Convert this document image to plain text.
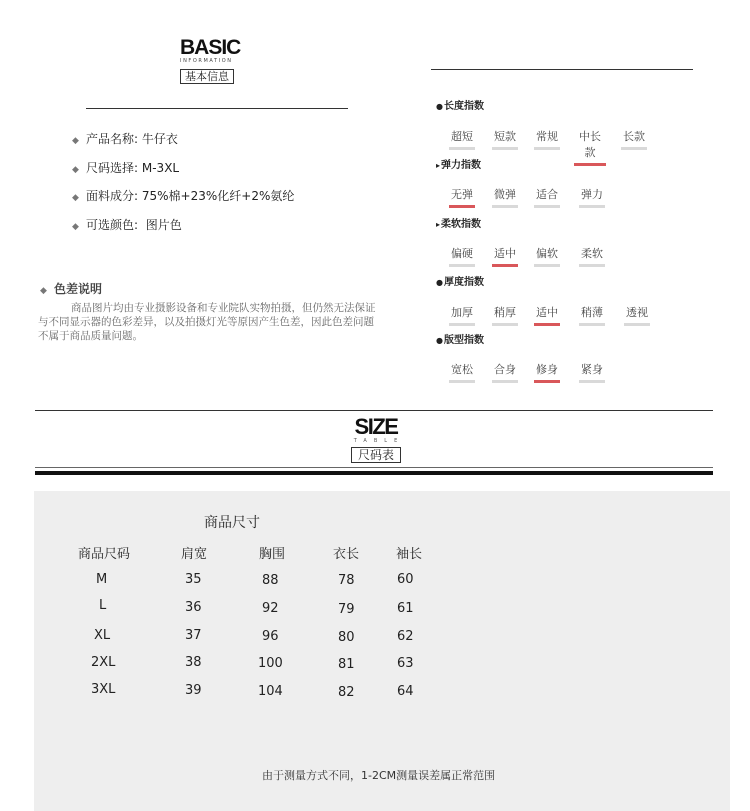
BASIC
INFORMATION
基本信息
◆ 产品名称: 牛仔衣
◆ 尺码选择: M-3XL
◆ 面料成分: 75%棉+23%化纤+2%氨纶
◆ 可选颜色: 图片色
◆ 色差说明
商品图片均由专业摄影设备和专业院队实物拍摄，但仍然无法保证
与不同显示器的色彩差异，以及拍摄灯光等原因产生色差，因此色差问题
不属于商品质量问题。
●长度指数
超短 短款 常规	中长款
长款
▸弹力指数
无弹 微弹 适合 弹力
▸柔软指数
偏硬 适中 偏软 柔软
●厚度指数
加厚 稍厚 适中 稍薄 透视
●版型指数
宽松 合身 修身 紧身
SIZE
TABLE
尺码表
商品尺寸
商品尺码	肩宽	胸围	衣长	袖长
M	35	88	78	60
L	36	92	79	61
XL	37	96	80	62
2XL	38	100	81	63
3XL	39	104	82	64
由于测量方式不同，1-2CM测量误差属正常范围
